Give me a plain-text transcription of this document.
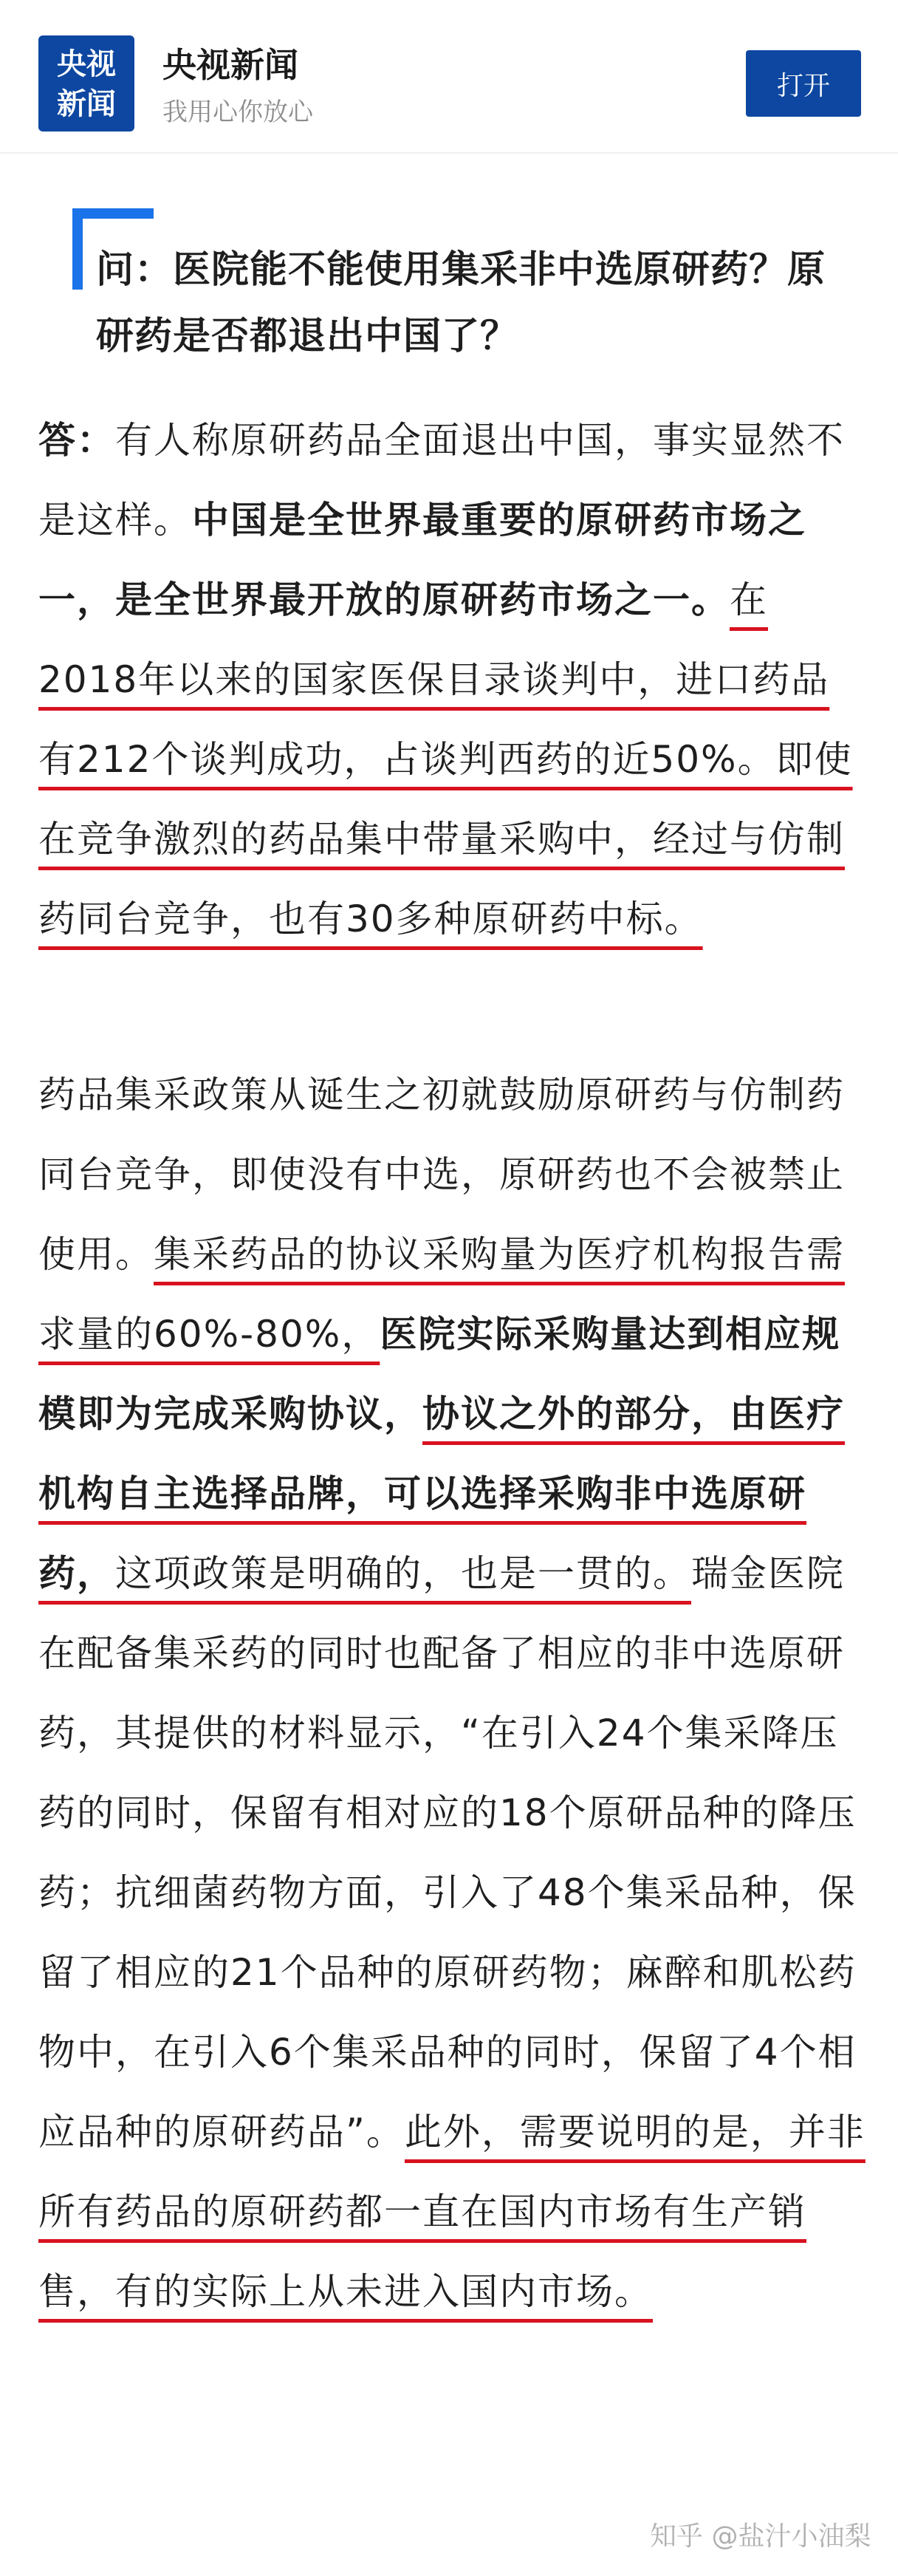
央视
新闻
央视新闻
我用心你放心
打开
问：医院能不能使用集采非中选原研药？原研药是否都退出中国了？
答：有人称原研药品全面退出中国，事实显然不是这样。中国是全世界最重要的原研药市场之一，是全世界最开放的原研药市场之一。在2018年以来的国家医保目录谈判中，进口药品有212个谈判成功，占谈判西药的近50%。即使在竞争激烈的药品集中带量采购中，经过与仿制药同台竞争，也有30多种原研药中标。
药品集采政策从诞生之初就鼓励原研药与仿制药同台竞争，即使没有中选，原研药也不会被禁止使用。集采药品的协议采购量为医疗机构报告需求量的60%-80%，医院实际采购量达到相应规模即为完成采购协议，协议之外的部分，由医疗机构自主选择品牌，可以选择采购非中选原研药，这项政策是明确的，也是一贯的。瑞金医院在配备集采药的同时也配备了相应的非中选原研药，其提供的材料显示，“在引入24个集采降压药的同时，保留有相对应的18个原研品种的降压药；抗细菌药物方面，引入了48个集采品种，保留了相应的21个品种的原研药物；麻醉和肌松药物中，在引入6个集采品种的同时，保留了4个相应品种的原研药品”。此外，需要说明的是，并非所有药品的原研药都一直在国内市场有生产销售，有的实际上从未进入国内市场。
知乎 @盐汁小油梨
